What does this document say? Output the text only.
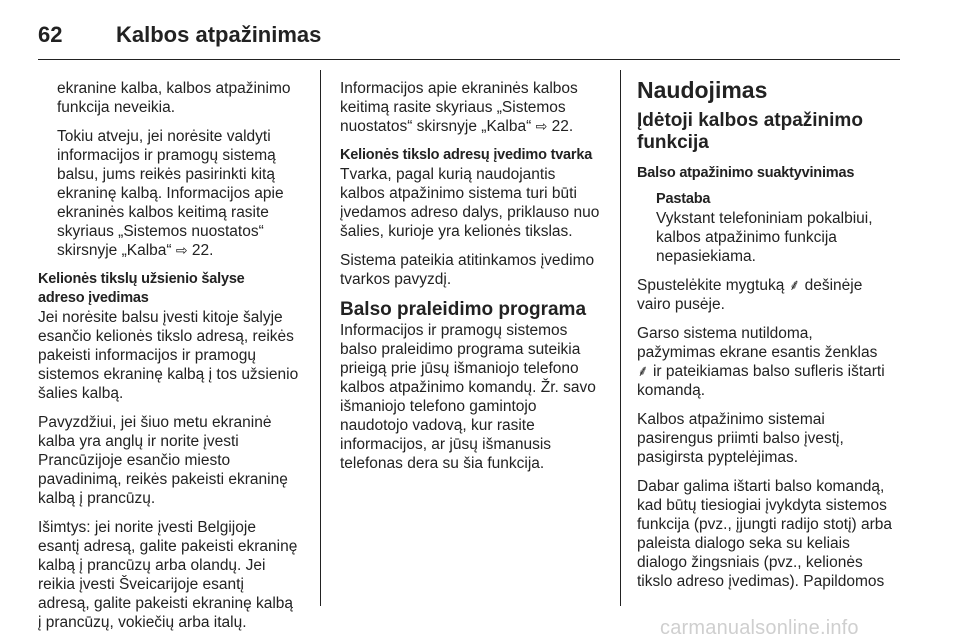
62 Kalbos atpažinimas

ekranine kalba, kalbos atpažinimo
funkcija neveikia.

Tokiu atveju, jei norėsite valdyti
informacijos ir pramogų sistemą
balsu, jums reikės pasirinkti kitą
ekraninę kalbą. Informacijos apie
ekraninės kalbos keitimą rasite
skyriaus „Sistemos nuostatos“
skirsnyje „Kalba“ ⇨ 22.

Kelionės tikslų užsienio šalyse
adreso įvedimas

Jei norėsite balsu įvesti kitoje šalyje
esančio kelionės tikslo adresą, reikės
pakeisti informacijos ir pramogų
sistemos ekraninę kalbą į tos užsienio
šalies kalbą.

Pavyzdžiui, jei šiuo metu ekraninė
kalba yra anglų ir norite įvesti
Prancūzijoje esančio miesto
pavadinimą, reikės pakeisti ekraninę
kalbą į prancūzų.

Išimtys: jei norite įvesti Belgijoje
esantį adresą, galite pakeisti ekraninę
kalbą į prancūzų arba olandų. Jei
reikia įvesti Šveicarijoje esantį
adresą, galite pakeisti ekraninę kalbą
į prancūzų, vokiečių arba italų.

Informacijos apie ekraninės kalbos
keitimą rasite skyriaus „Sistemos
nuostatos“ skirsnyje „Kalba“ ⇨ 22.

Kelionės tikslo adresų įvedimo tvarka

Tvarka, pagal kurią naudojantis
kalbos atpažinimo sistema turi būti
įvedamos adreso dalys, priklauso nuo
šalies, kurioje yra kelionės tikslas.

Sistema pateikia atitinkamos įvedimo
tvarkos pavyzdį.

Balso praleidimo programa

Informacijos ir pramogų sistemos
balso praleidimo programa suteikia
prieigą prie jūsų išmaniojo telefono
kalbos atpažinimo komandų. Žr. savo
išmaniojo telefono gamintojo
naudotojo vadovą, kur rasite
informacijos, ar jūsų išmanusis
telefonas dera su šia funkcija.

Naudojimas

Įdėtoji kalbos atpažinimo
funkcija

Balso atpažinimo suaktyvinimas

Pastaba
Vykstant telefoniniam pokalbiui,
kalbos atpažinimo funkcija
nepasiekiama.

Spustelėkite mygtuką ⸙ dešinėje
vairo pusėje.

Garso sistema nutildoma,
pažymimas ekrane esantis ženklas
⸙ ir pateikiamas balso sufleris ištarti
komandą.

Kalbos atpažinimo sistemai
pasirengus priimti balso įvestį,
pasigirsta pyptelėjimas.

Dabar galima ištarti balso komandą,
kad būtų tiesiogiai įvykdyta sistemos
funkcija (pvz., įjungti radijo stotį) arba
paleista dialogo seka su keliais
dialogo žingsniais (pvz., kelionės
tikslo adreso įvedimas). Papildomos

carmanualsonline.info
